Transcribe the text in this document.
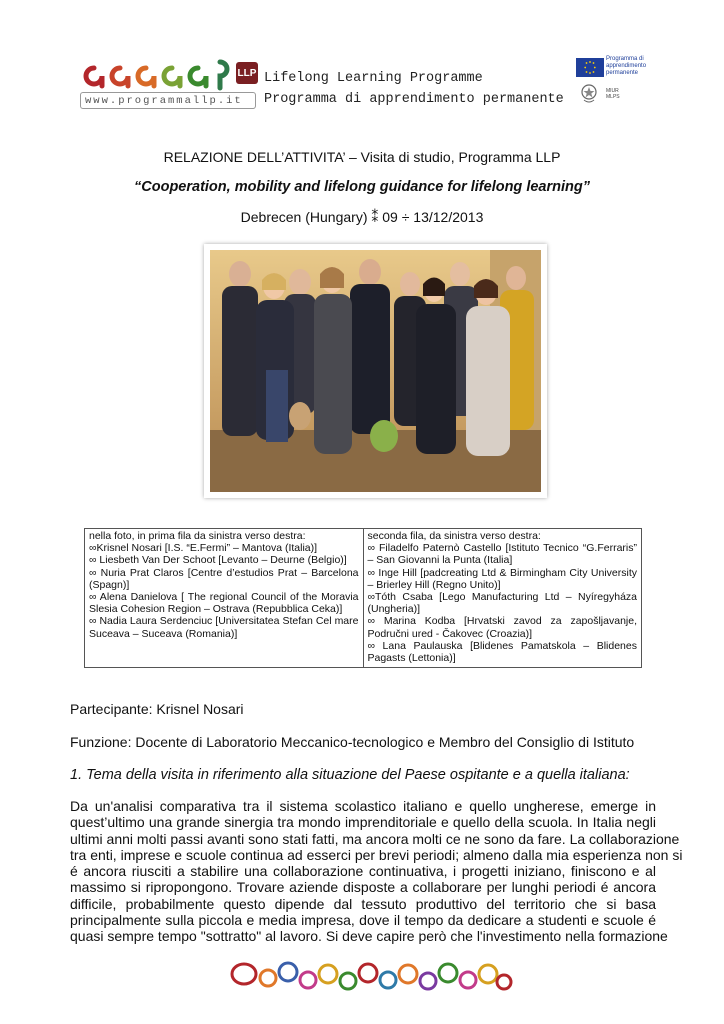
LLP
www.programmallp.it
Lifelong Learning Programme
Programma di apprendimento permanente
Programma di
apprendimento
permanente
MIUR
MLPS
RELAZIONE DELL’ATTIVITA’ – Visita di studio, Programma LLP
“Cooperation, mobility and lifelong guidance for lifelong learning”
Debrecen (Hungary) ⁑ 09 ÷ 13/12/2013
nella foto, in prima fila da sinistra verso destra:
∞Krisnel Nosari [I.S. “E.Fermi” – Mantova (Italia)]
∞ Liesbeth Van Der Schoot [Levanto – Deurne (Belgio)]
∞ Nuria Prat Claros [Centre d’estudios Prat – Barcelona (Spagn)]
∞ Alena Danielova [ The regional Council of the Moravia Slesia Cohesion Region – Ostrava (Repubblica Ceka)]
∞ Nadia Laura Serdenciuc [Universitatea Stefan Cel mare Suceava – Suceava (Romania)]

seconda fila, da sinistra verso destra:
∞ Filadelfo Paternò Castello [Istituto Tecnico “G.Ferraris” – San Giovanni la Punta (Italia]
∞ Inge Hill [padcreating Ltd & Birmingham City University – Brierley Hill (Regno Unito)]
∞Tóth Csaba [Lego Manufacturing Ltd – Nyíregyháza (Ungheria)]
∞ Marina Kodba [Hrvatski zavod za zapošljavanje, Područni ured - Čakovec (Croazia)]
∞ Lana Paulauska [Blidenes Pamatskola – Blidenes Pagasts (Lettonia)]
Partecipante: Krisnel Nosari
Funzione: Docente di Laboratorio Meccanico-tecnologico e Membro del Consiglio di Istituto
1. Tema della visita in riferimento alla situazione del Paese ospitante e a quella italiana:
Da un'analisi comparativa tra il sistema scolastico italiano e quello ungherese, emerge in
quest’ultimo una grande sinergia tra mondo imprenditoriale e quello della scuola. In Italia negli
ultimi anni molti passi avanti sono stati fatti, ma ancora molti ce ne sono da fare. La collaborazione
tra enti, imprese e scuole continua ad esserci per brevi periodi; almeno dalla mia esperienza non si
é ancora riusciti a stabilire una collaborazione continuativa, i progetti iniziano, finiscono e al
massimo si ripropongono. Trovare aziende disposte a collaborare per lunghi periodi é ancora
difficile, probabilmente questo dipende dal tessuto produttivo del territorio che si basa
principalmente sulla piccola e media impresa, dove il tempo da dedicare a studenti e scuole é
quasi sempre tempo "sottratto" al lavoro. Si deve capire però che l'investimento nella formazione
